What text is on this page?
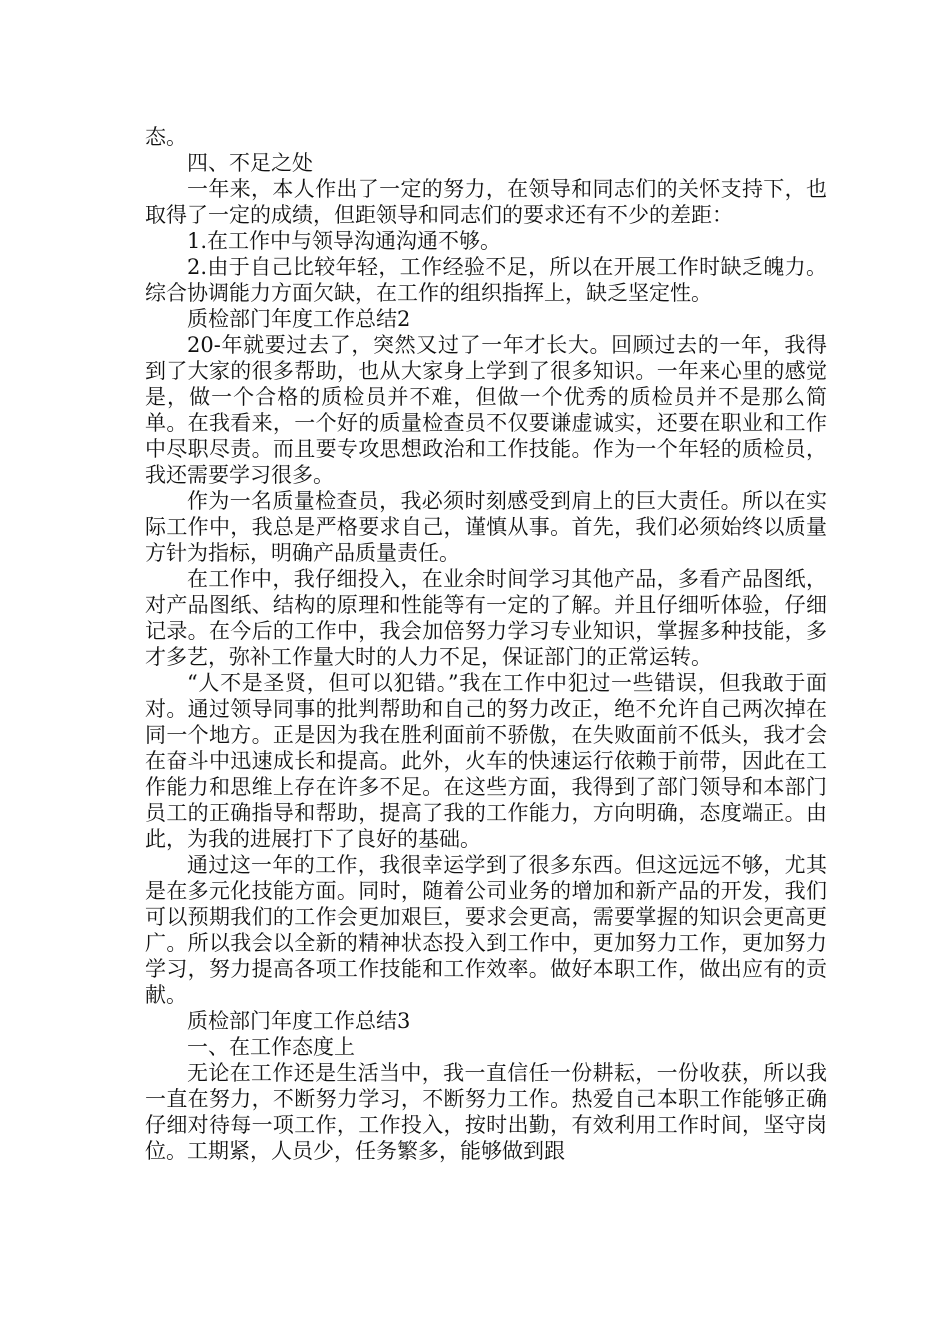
态。

四、不足之处

一年来，本人作出了一定的努力，在领导和同志们的关怀支持下，也取得了一定的成绩，但距领导和同志们的要求还有不少的差距：

1.在工作中与领导沟通沟通不够。

2.由于自己比较年轻，工作经验不足，所以在开展工作时缺乏魄力。综合协调能力方面欠缺，在工作的组织指挥上，缺乏坚定性。

质检部门年度工作总结2

20-年就要过去了，突然又过了一年才长大。回顾过去的一年，我得到了大家的很多帮助，也从大家身上学到了很多知识。一年来心里的感觉是，做一个合格的质检员并不难，但做一个优秀的质检员并不是那么简单。在我看来，一个好的质量检查员不仅要谦虚诚实，还要在职业和工作中尽职尽责。而且要专攻思想政治和工作技能。作为一个年轻的质检员，我还需要学习很多。

作为一名质量检查员，我必须时刻感受到肩上的巨大责任。所以在实际工作中，我总是严格要求自己，谨慎从事。首先，我们必须始终以质量方针为指标，明确产品质量责任。

在工作中，我仔细投入，在业余时间学习其他产品，多看产品图纸，对产品图纸、结构的原理和性能等有一定的了解。并且仔细听体验，仔细记录。在今后的工作中，我会加倍努力学习专业知识，掌握多种技能，多才多艺，弥补工作量大时的人力不足，保证部门的正常运转。

“人不是圣贤，但可以犯错。”我在工作中犯过一些错误，但我敢于面对。通过领导同事的批判帮助和自己的努力改正，绝不允许自己两次掉在同一个地方。正是因为我在胜利面前不骄傲，在失败面前不低头，我才会在奋斗中迅速成长和提高。此外，火车的快速运行依赖于前带，因此在工作能力和思维上存在许多不足。在这些方面，我得到了部门领导和本部门员工的正确指导和帮助，提高了我的工作能力，方向明确，态度端正。由此，为我的进展打下了良好的基础。

通过这一年的工作，我很幸运学到了很多东西。但这远远不够，尤其是在多元化技能方面。同时，随着公司业务的增加和新产品的开发，我们可以预期我们的工作会更加艰巨，要求会更高，需要掌握的知识会更高更广。所以我会以全新的精神状态投入到工作中，更加努力工作，更加努力学习，努力提高各项工作技能和工作效率。做好本职工作，做出应有的贡献。

质检部门年度工作总结3

一、在工作态度上

无论在工作还是生活当中，我一直信任一份耕耘，一份收获，所以我一直在努力，不断努力学习，不断努力工作。热爱自己本职工作能够正确仔细对待每一项工作，工作投入，按时出勤，有效利用工作时间，坚守岗位。工期紧，人员少，任务繁多，能够做到跟
